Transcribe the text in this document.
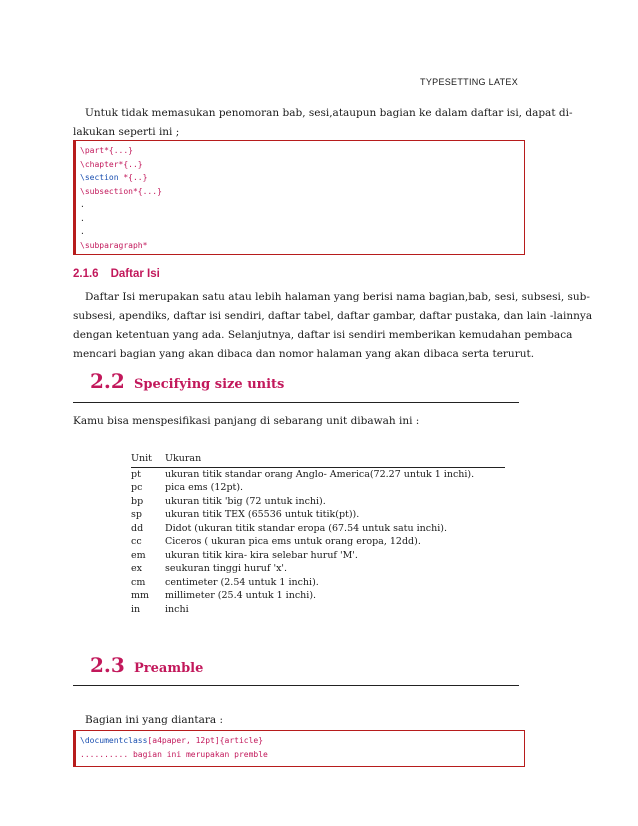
TYPESETTING LATEX

Untuk tidak memasukan penomoran bab, sesi,ataupun bagian ke dalam daftar isi, dapat di-
lakukan seperti ini ;

\part*{...}
\chapter*{..}
\section *{..}
\subsection*{...}
.
.
.
\subparagraph*
2.1.6 Daftar Isi

Daftar Isi merupakan satu atau lebih halaman yang berisi nama bagian,bab, sesi, subsesi, sub-
subsesi, apendiks, daftar isi sendiri, daftar tabel, daftar gambar, daftar pustaka, dan lain -lainnya
dengan ketentuan yang ada. Selanjutnya, daftar isi sendiri memberikan kemudahan pembaca
mencari bagian yang akan dibaca dan nomor halaman yang akan dibaca serta terurut.

2.2 Specifying size units

Kamu bisa menspesifikasi panjang di sebarang unit dibawah ini :

Unit	Ukuran

pt	ukuran titik standar orang Anglo- America(72.27 untuk 1 inchi).
pc	pica ems (12pt).
bp	ukuran titik 'big (72 untuk inchi).
sp	ukuran titik TEX (65536 untuk titik(pt)).
dd	Didot (ukuran titik standar eropa (67.54 untuk satu inchi).
cc	Ciceros ( ukuran pica ems untuk orang eropa, 12dd).
em	ukuran titik kira- kira selebar huruf 'M'.
ex	seukuran tinggi huruf 'x'.
cm	centimeter (2.54 untuk 1 inchi).
mm	millimeter (25.4 untuk 1 inchi).
in	inchi
2.3 Preamble

Bagian ini yang diantara :

\documentclass[a4paper, 12pt]{article}
.......... bagian ini merupakan premble
